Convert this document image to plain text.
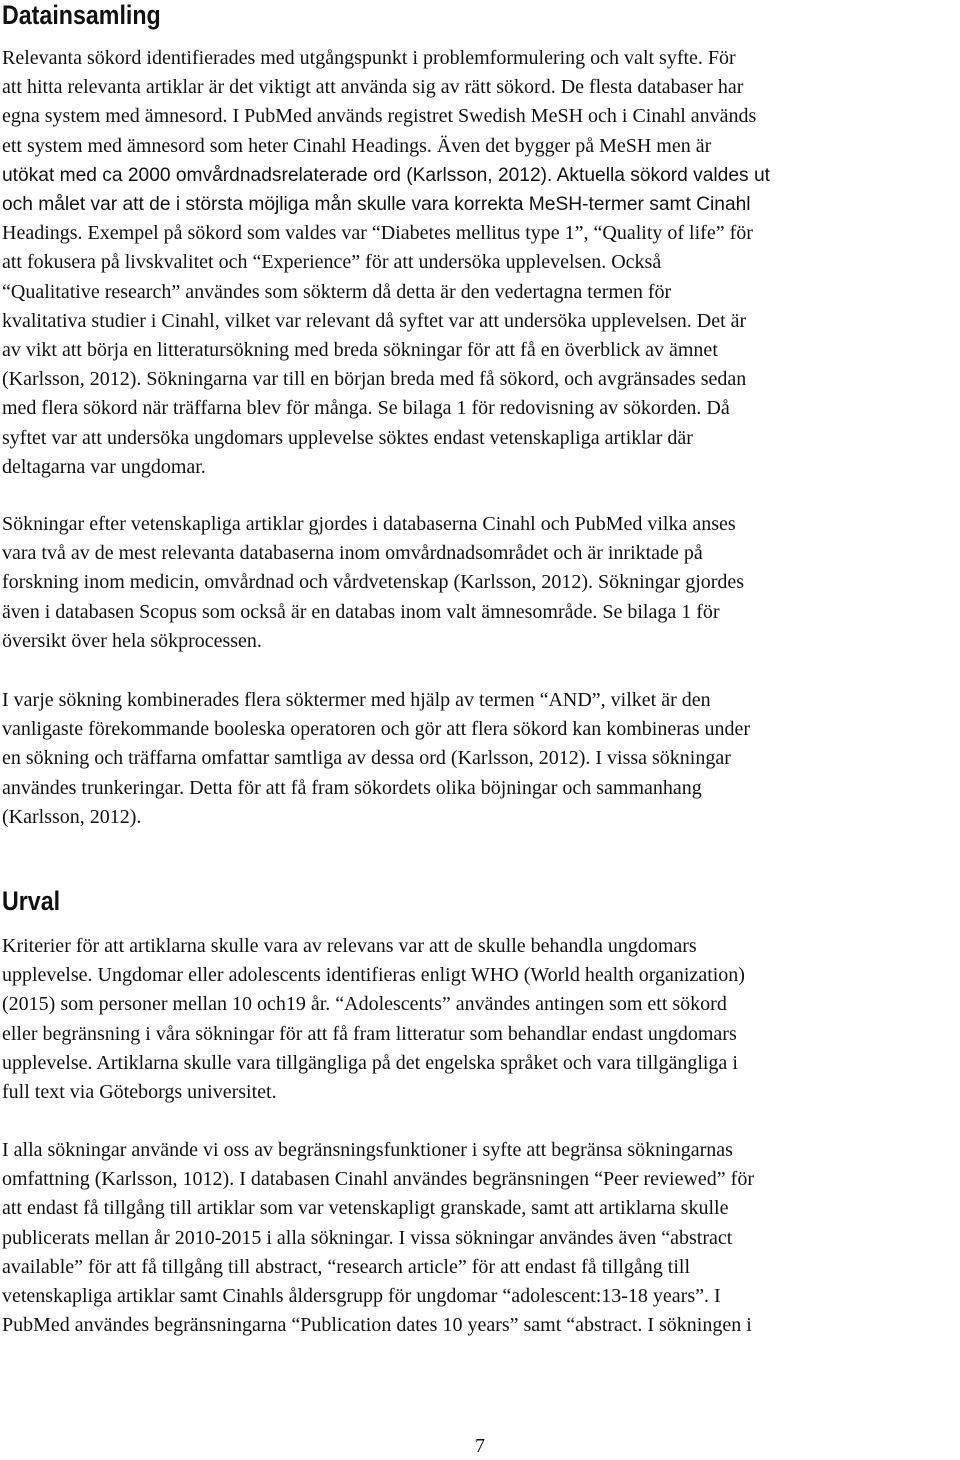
Datainsamling

Relevanta sökord identifierades med utgångspunkt i problemformulering och valt syfte. För
att hitta relevanta artiklar är det viktigt att använda sig av rätt sökord. De flesta databaser har
egna system med ämnesord. I PubMed används registret Swedish MeSH och i Cinahl används
ett system med ämnesord som heter Cinahl Headings. Även det bygger på MeSH men är
utökat med ca 2000 omvårdnadsrelaterade ord (Karlsson, 2012). Aktuella sökord valdes ut
och målet var att de i största möjliga mån skulle vara korrekta MeSH-termer samt Cinahl
Headings. Exempel på sökord som valdes var “Diabetes mellitus type 1”, “Quality of life” för
att fokusera på livskvalitet och “Experience” för att undersöka upplevelsen. Också
“Qualitative research” användes som sökterm då detta är den vedertagna termen för
kvalitativa studier i Cinahl, vilket var relevant då syftet var att undersöka upplevelsen. Det är
av vikt att börja en litteratursökning med breda sökningar för att få en överblick av ämnet
(Karlsson, 2012). Sökningarna var till en början breda med få sökord, och avgränsades sedan
med flera sökord när träffarna blev för många. Se bilaga 1 för redovisning av sökorden. Då
syftet var att undersöka ungdomars upplevelse söktes endast vetenskapliga artiklar där
deltagarna var ungdomar.

Sökningar efter vetenskapliga artiklar gjordes i databaserna Cinahl och PubMed vilka anses
vara två av de mest relevanta databaserna inom omvårdnadsområdet och är inriktade på
forskning inom medicin, omvårdnad och vårdvetenskap (Karlsson, 2012). Sökningar gjordes
även i databasen Scopus som också är en databas inom valt ämnesområde. Se bilaga 1 för
översikt över hela sökprocessen.

I varje sökning kombinerades flera söktermer med hjälp av termen “AND”, vilket är den
vanligaste förekommande booleska operatoren och gör att flera sökord kan kombineras under
en sökning och träffarna omfattar samtliga av dessa ord (Karlsson, 2012). I vissa sökningar
användes trunkeringar. Detta för att få fram sökordets olika böjningar och sammanhang
(Karlsson, 2012).

Urval

Kriterier för att artiklarna skulle vara av relevans var att de skulle behandla ungdomars
upplevelse. Ungdomar eller adolescents identifieras enligt WHO (World health organization)
(2015) som personer mellan 10 och19 år. “Adolescents” användes antingen som ett sökord
eller begränsning i våra sökningar för att få fram litteratur som behandlar endast ungdomars
upplevelse. Artiklarna skulle vara tillgängliga på det engelska språket och vara tillgängliga i
full text via Göteborgs universitet.

I alla sökningar använde vi oss av begränsningsfunktioner i syfte att begränsa sökningarnas
omfattning (Karlsson, 1012). I databasen Cinahl användes begränsningen “Peer reviewed” för
att endast få tillgång till artiklar som var vetenskapligt granskade, samt att artiklarna skulle
publicerats mellan år 2010-2015 i alla sökningar. I vissa sökningar användes även “abstract
available” för att få tillgång till abstract, “research article” för att endast få tillgång till
vetenskapliga artiklar samt Cinahls åldersgrupp för ungdomar “adolescent:13-18 years”. I
PubMed användes begränsningarna “Publication dates 10 years” samt “abstract. I sökningen i

7
